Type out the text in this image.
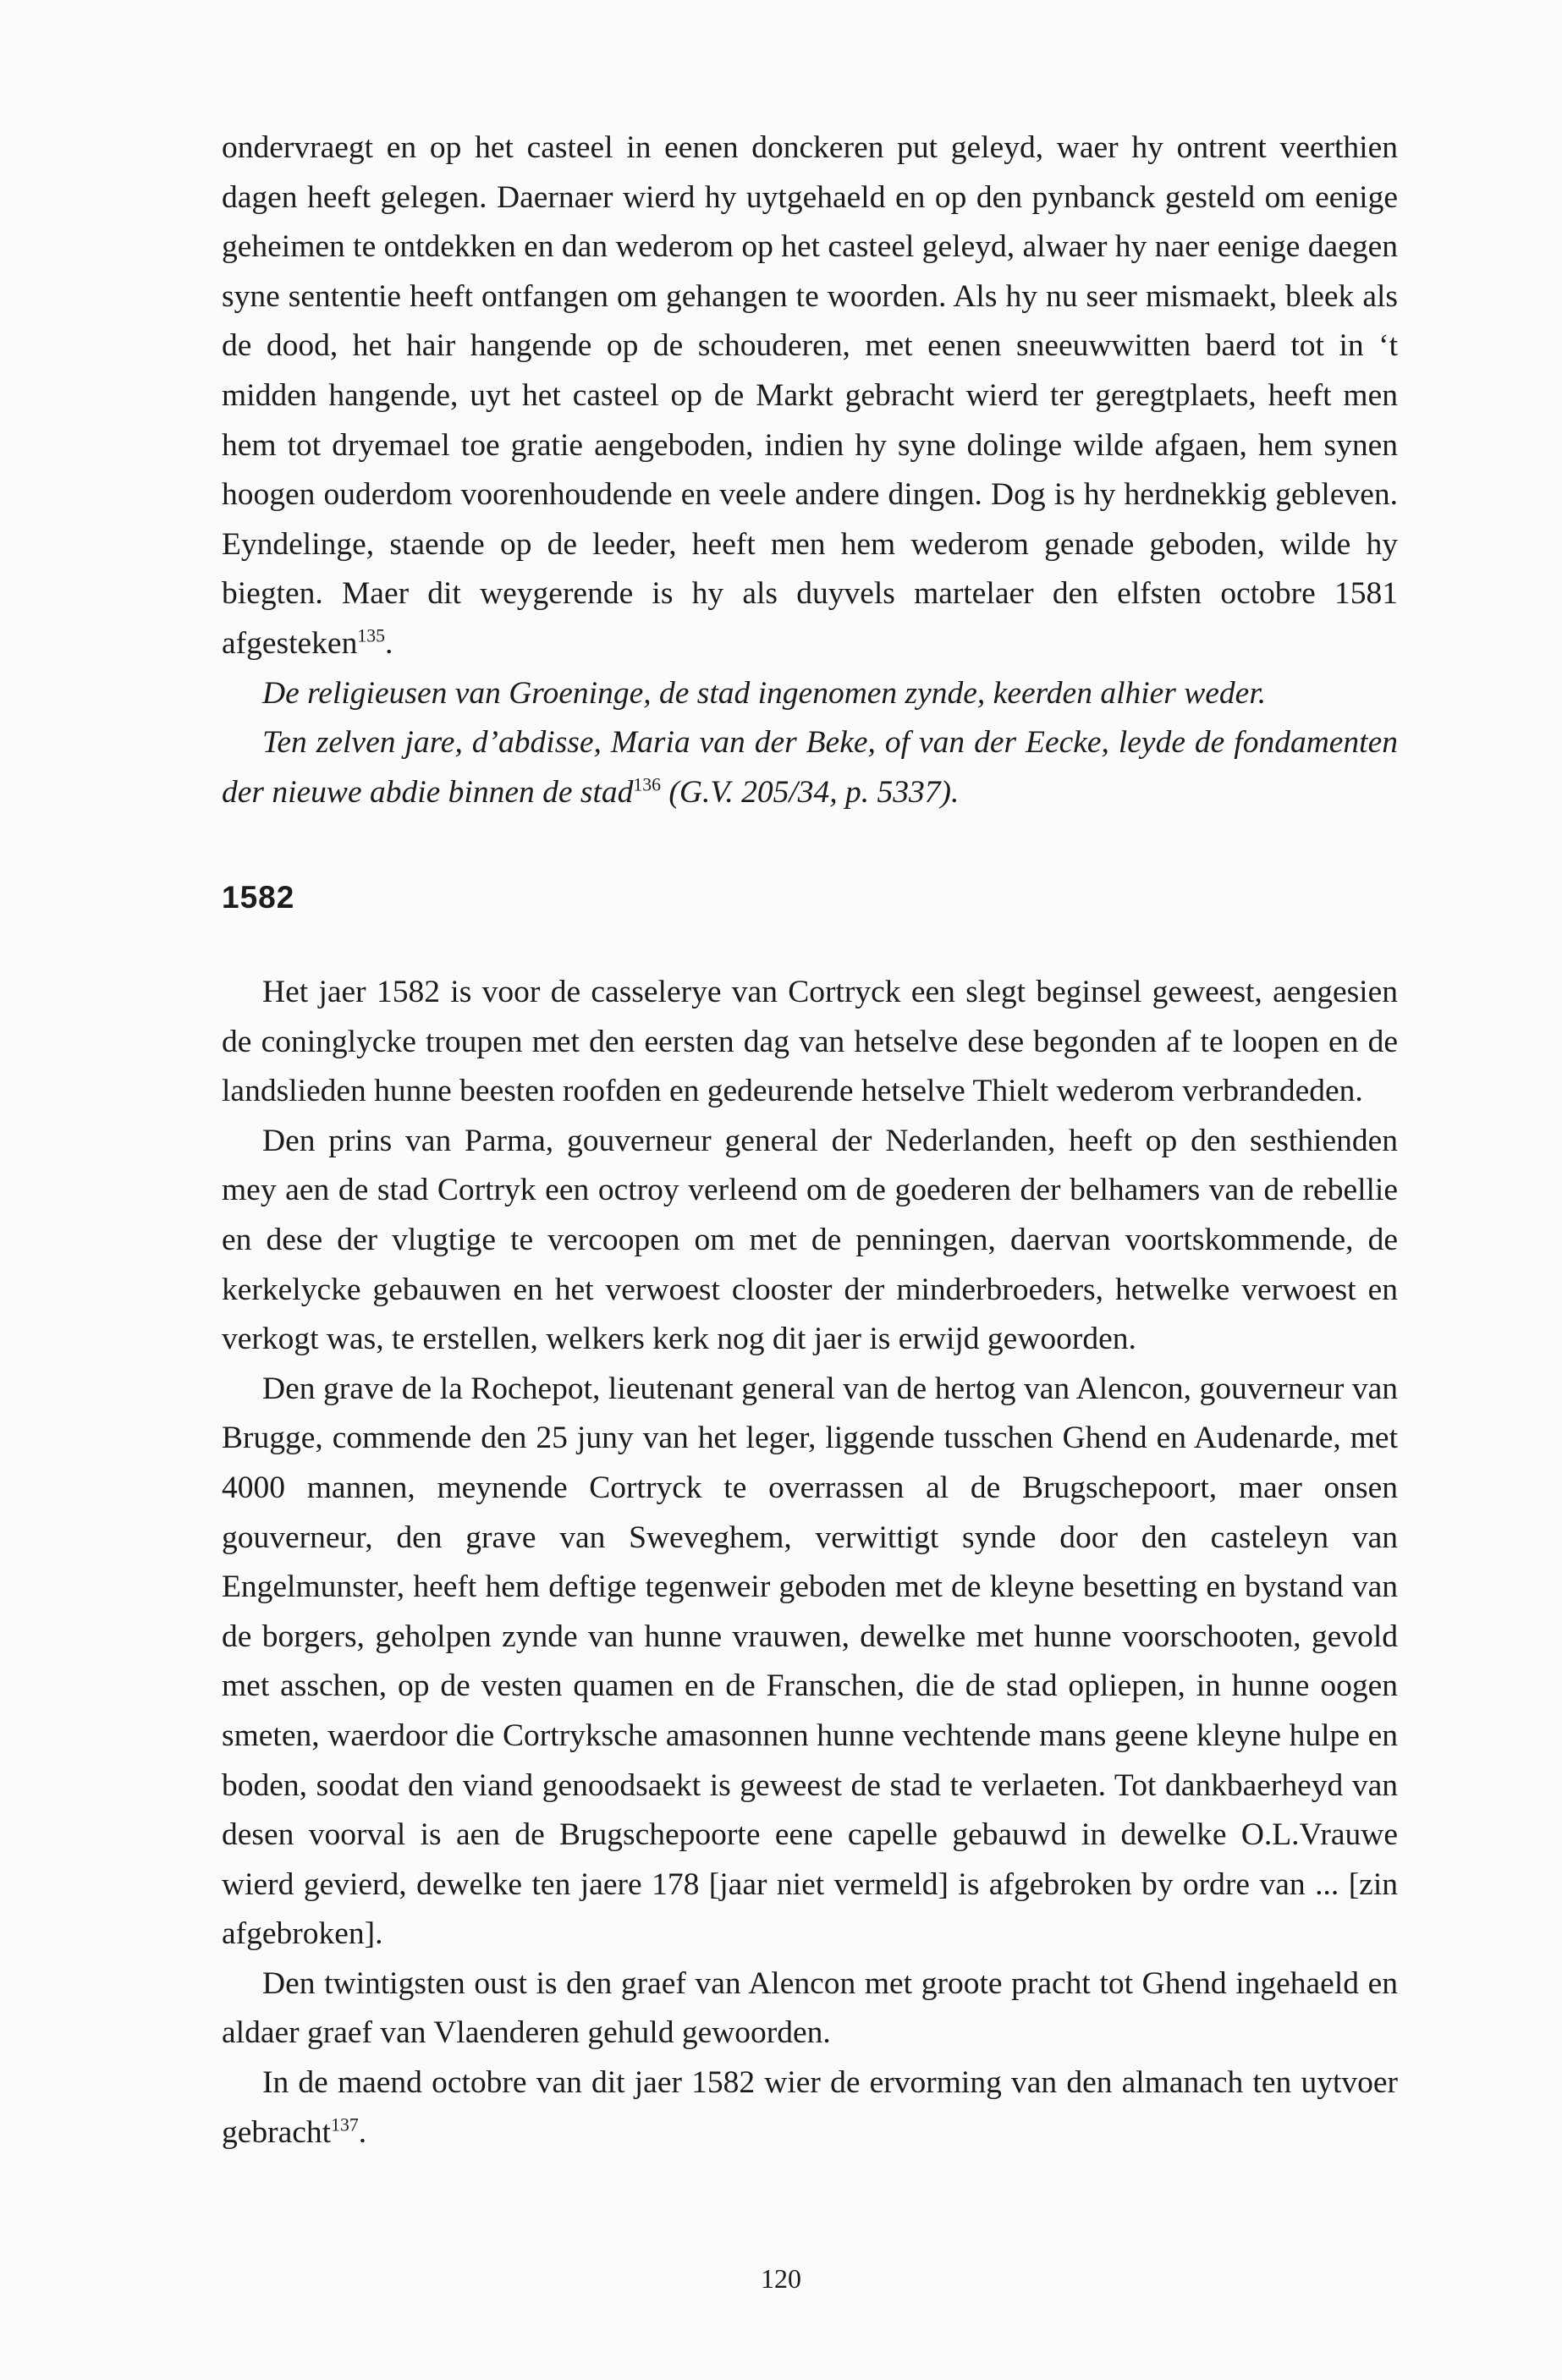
ondervraegt en op het casteel in eenen donckeren put geleyd, waer hy ontrent veerthien dagen heeft gelegen. Daernaer wierd hy uytgehaeld en op den pynbanck gesteld om eenige geheimen te ontdekken en dan wederom op het casteel geleyd, alwaer hy naer eenige daegen syne sententie heeft ontfangen om gehangen te woorden. Als hy nu seer mismaekt, bleek als de dood, het hair hangende op de schouderen, met eenen sneeuwwitten baerd tot in ‘t midden hangende, uyt het casteel op de Markt gebracht wierd ter geregtplaets, heeft men hem tot dryemael toe gratie aengeboden, indien hy syne dolinge wilde afgaen, hem synen hoogen ouderdom voorenhoudende en veele andere dingen. Dog is hy herdnekkig gebleven. Eyndelinge, staende op de leeder, heeft men hem wederom genade geboden, wilde hy biegten. Maer dit weygerende is hy als duyvels martelaer den elfsten octobre 1581 afgesteken$^{135}$.

De religieusen van Groeninge, de stad ingenomen zynde, keerden alhier weder.

Ten zelven jare, d’abdisse, Maria van der Beke, of van der Eecke, leyde de fondamenten der nieuwe abdie binnen de stad$^{136}$ (G.V. 205/34, p. 5337).

1582

Het jaer 1582 is voor de casselerye van Cortryck een slegt beginsel geweest, aengesien de coninglycke troupen met den eersten dag van hetselve dese begonden af te loopen en de landslieden hunne beesten roofden en gedeurende hetselve Thielt wederom verbrandeden.

Den prins van Parma, gouverneur general der Nederlanden, heeft op den sesthienden mey aen de stad Cortryk een octroy verleend om de goederen der belhamers van de rebellie en dese der vlugtige te vercoopen om met de penningen, daervan voortskommende, de kerkelycke gebauwen en het verwoest clooster der minderbroeders, hetwelke verwoest en verkogt was, te erstellen, welkers kerk nog dit jaer is erwijd gewoorden.

Den grave de la Rochepot, lieutenant general van de hertog van Alencon, gouverneur van Brugge, commende den 25 juny van het leger, liggende tusschen Ghend en Audenarde, met 4000 mannen, meynende Cortryck te overrassen al de Brugschepoort, maer onsen gouverneur, den grave van Sweveghem, verwittigt synde door den casteleyn van Engelmunster, heeft hem deftige tegenweir geboden met de kleyne besetting en bystand van de borgers, geholpen zynde van hunne vrauwen, dewelke met hunne voorschooten, gevold met asschen, op de vesten quamen en de Franschen, die de stad opliepen, in hunne oogen smeten, waerdoor die Cortryksche amasonnen hunne vechtende mans geene kleyne hulpe en boden, soodat den viand genoodsaekt is geweest de stad te verlaeten. Tot dankbaerheyd van desen voorval is aen de Brugschepoorte eene capelle gebauwd in dewelke O.L.Vrauwe wierd gevierd, dewelke ten jaere 178 [jaar niet vermeld] is afgebroken by ordre van ... [zin afgebroken].

Den twintigsten oust is den graef van Alencon met groote pracht tot Ghend ingehaeld en aldaer graef van Vlaenderen gehuld gewoorden.

In de maend octobre van dit jaer 1582 wier de ervorming van den almanach ten uytvoer gebracht$^{137}$.

120
